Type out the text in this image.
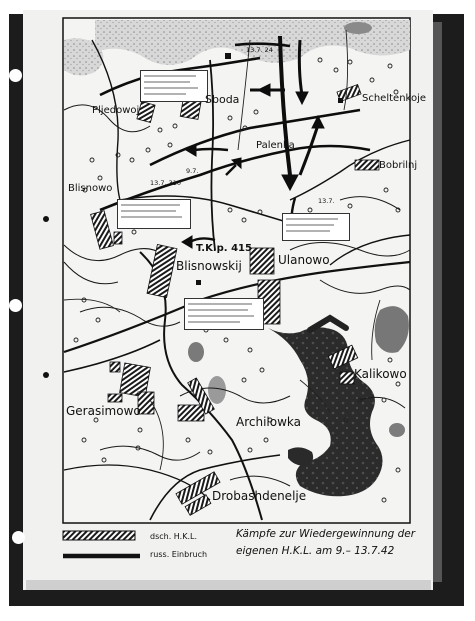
Pljedowoj
Sboda	Scheltenkoje
Palenka
Bobrilnj
Blisnowo
Blisnowskij	Ulanowo
Kalikowo
Gerasimowo
Archilowka
Drobashdenelje
13.7. 24
13.7. 310
13.7.
9.7.
T.K.p. 415
dsch. H.K.L.
russ. Einbruch
Kämpfe zur Wiedergewinnung der
eigenen H.K.L. am 9.– 13.7.42
